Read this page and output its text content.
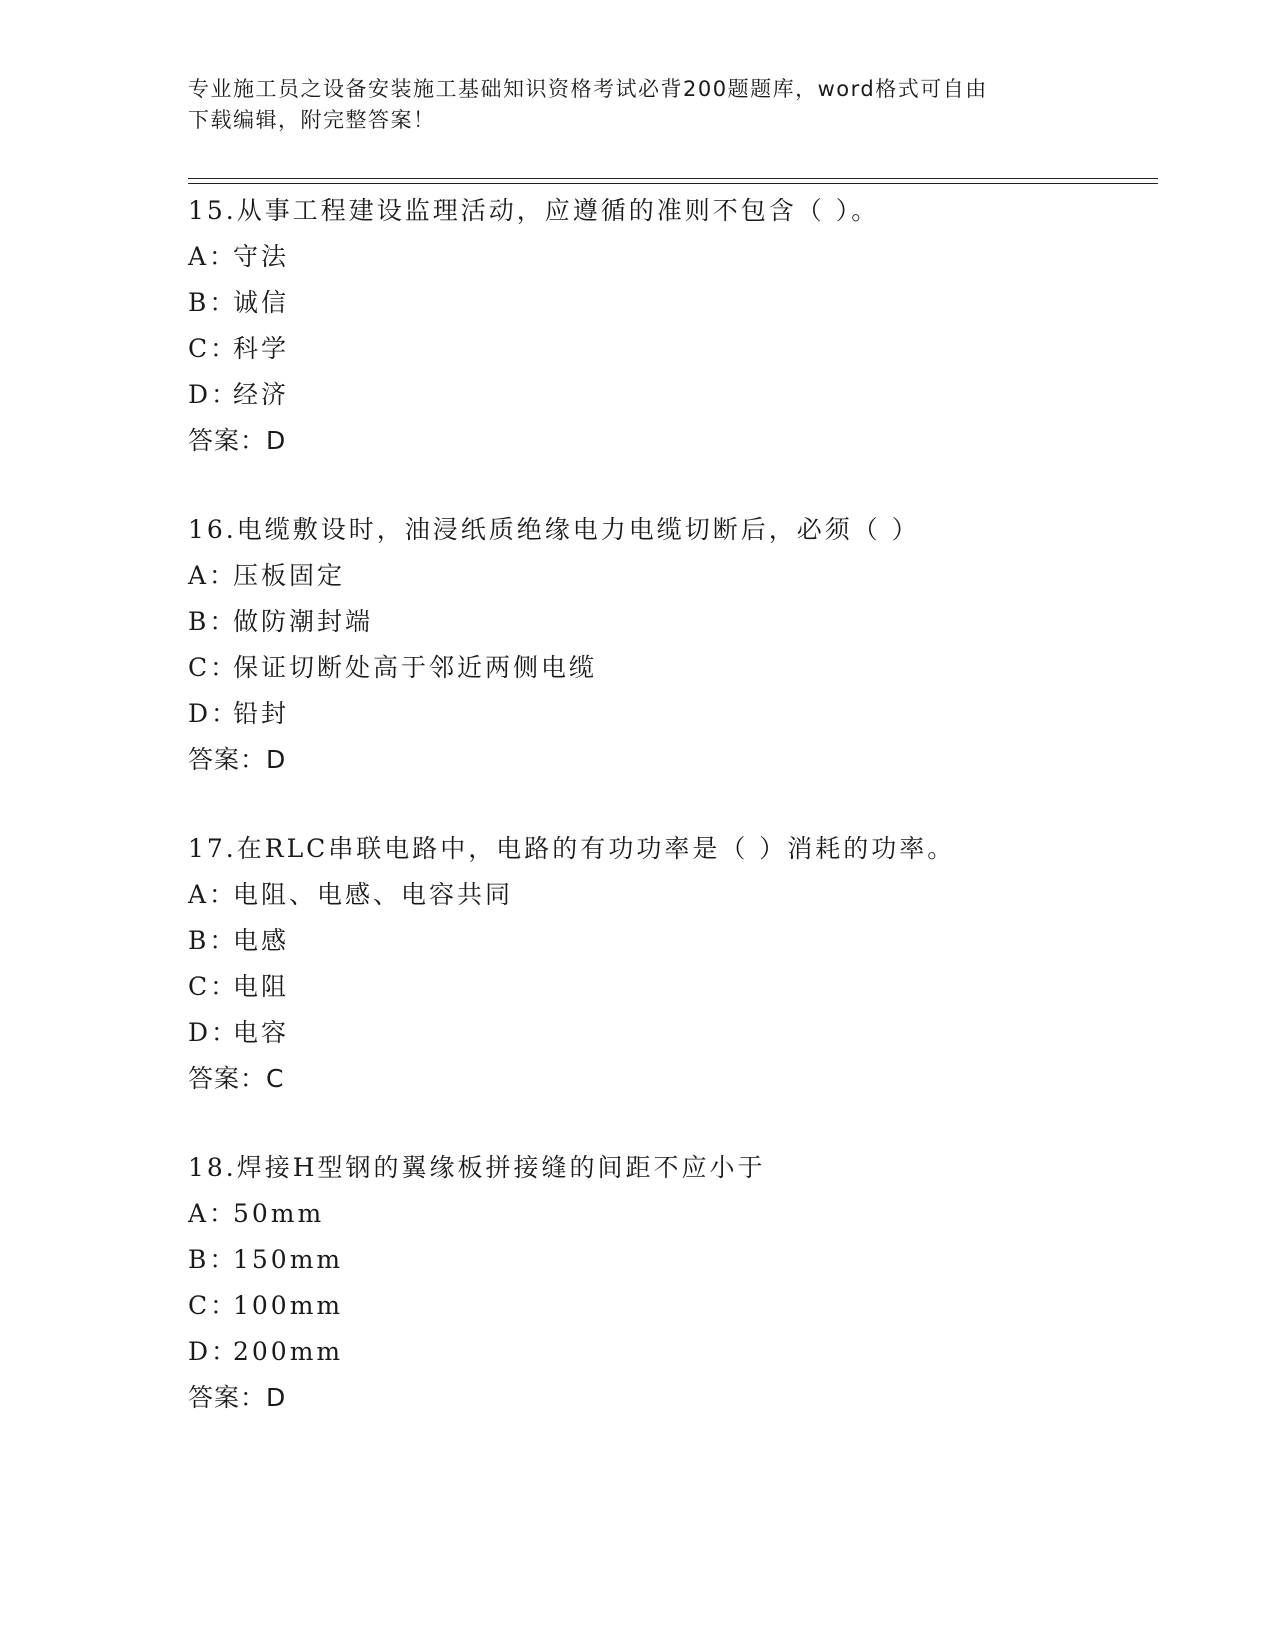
专业施工员之设备安装施工基础知识资格考试必背200题题库，word格式可自由
下载编辑，附完整答案！
15.从事工程建设监理活动，应遵循的准则不包含（ ）。
A：守法
B：诚信
C：科学
D：经济
答案：D
16.电缆敷设时，油浸纸质绝缘电力电缆切断后，必须（ ）
A：压板固定
B：做防潮封端
C：保证切断处高于邻近两侧电缆
D：铅封
答案：D
17.在RLC串联电路中，电路的有功功率是（ ）消耗的功率。
A：电阻、电感、电容共同
B：电感
C：电阻
D：电容
答案：C
18.焊接H型钢的翼缘板拼接缝的间距不应小于
A：50mm
B：150mm
C：100mm
D：200mm
答案：D
